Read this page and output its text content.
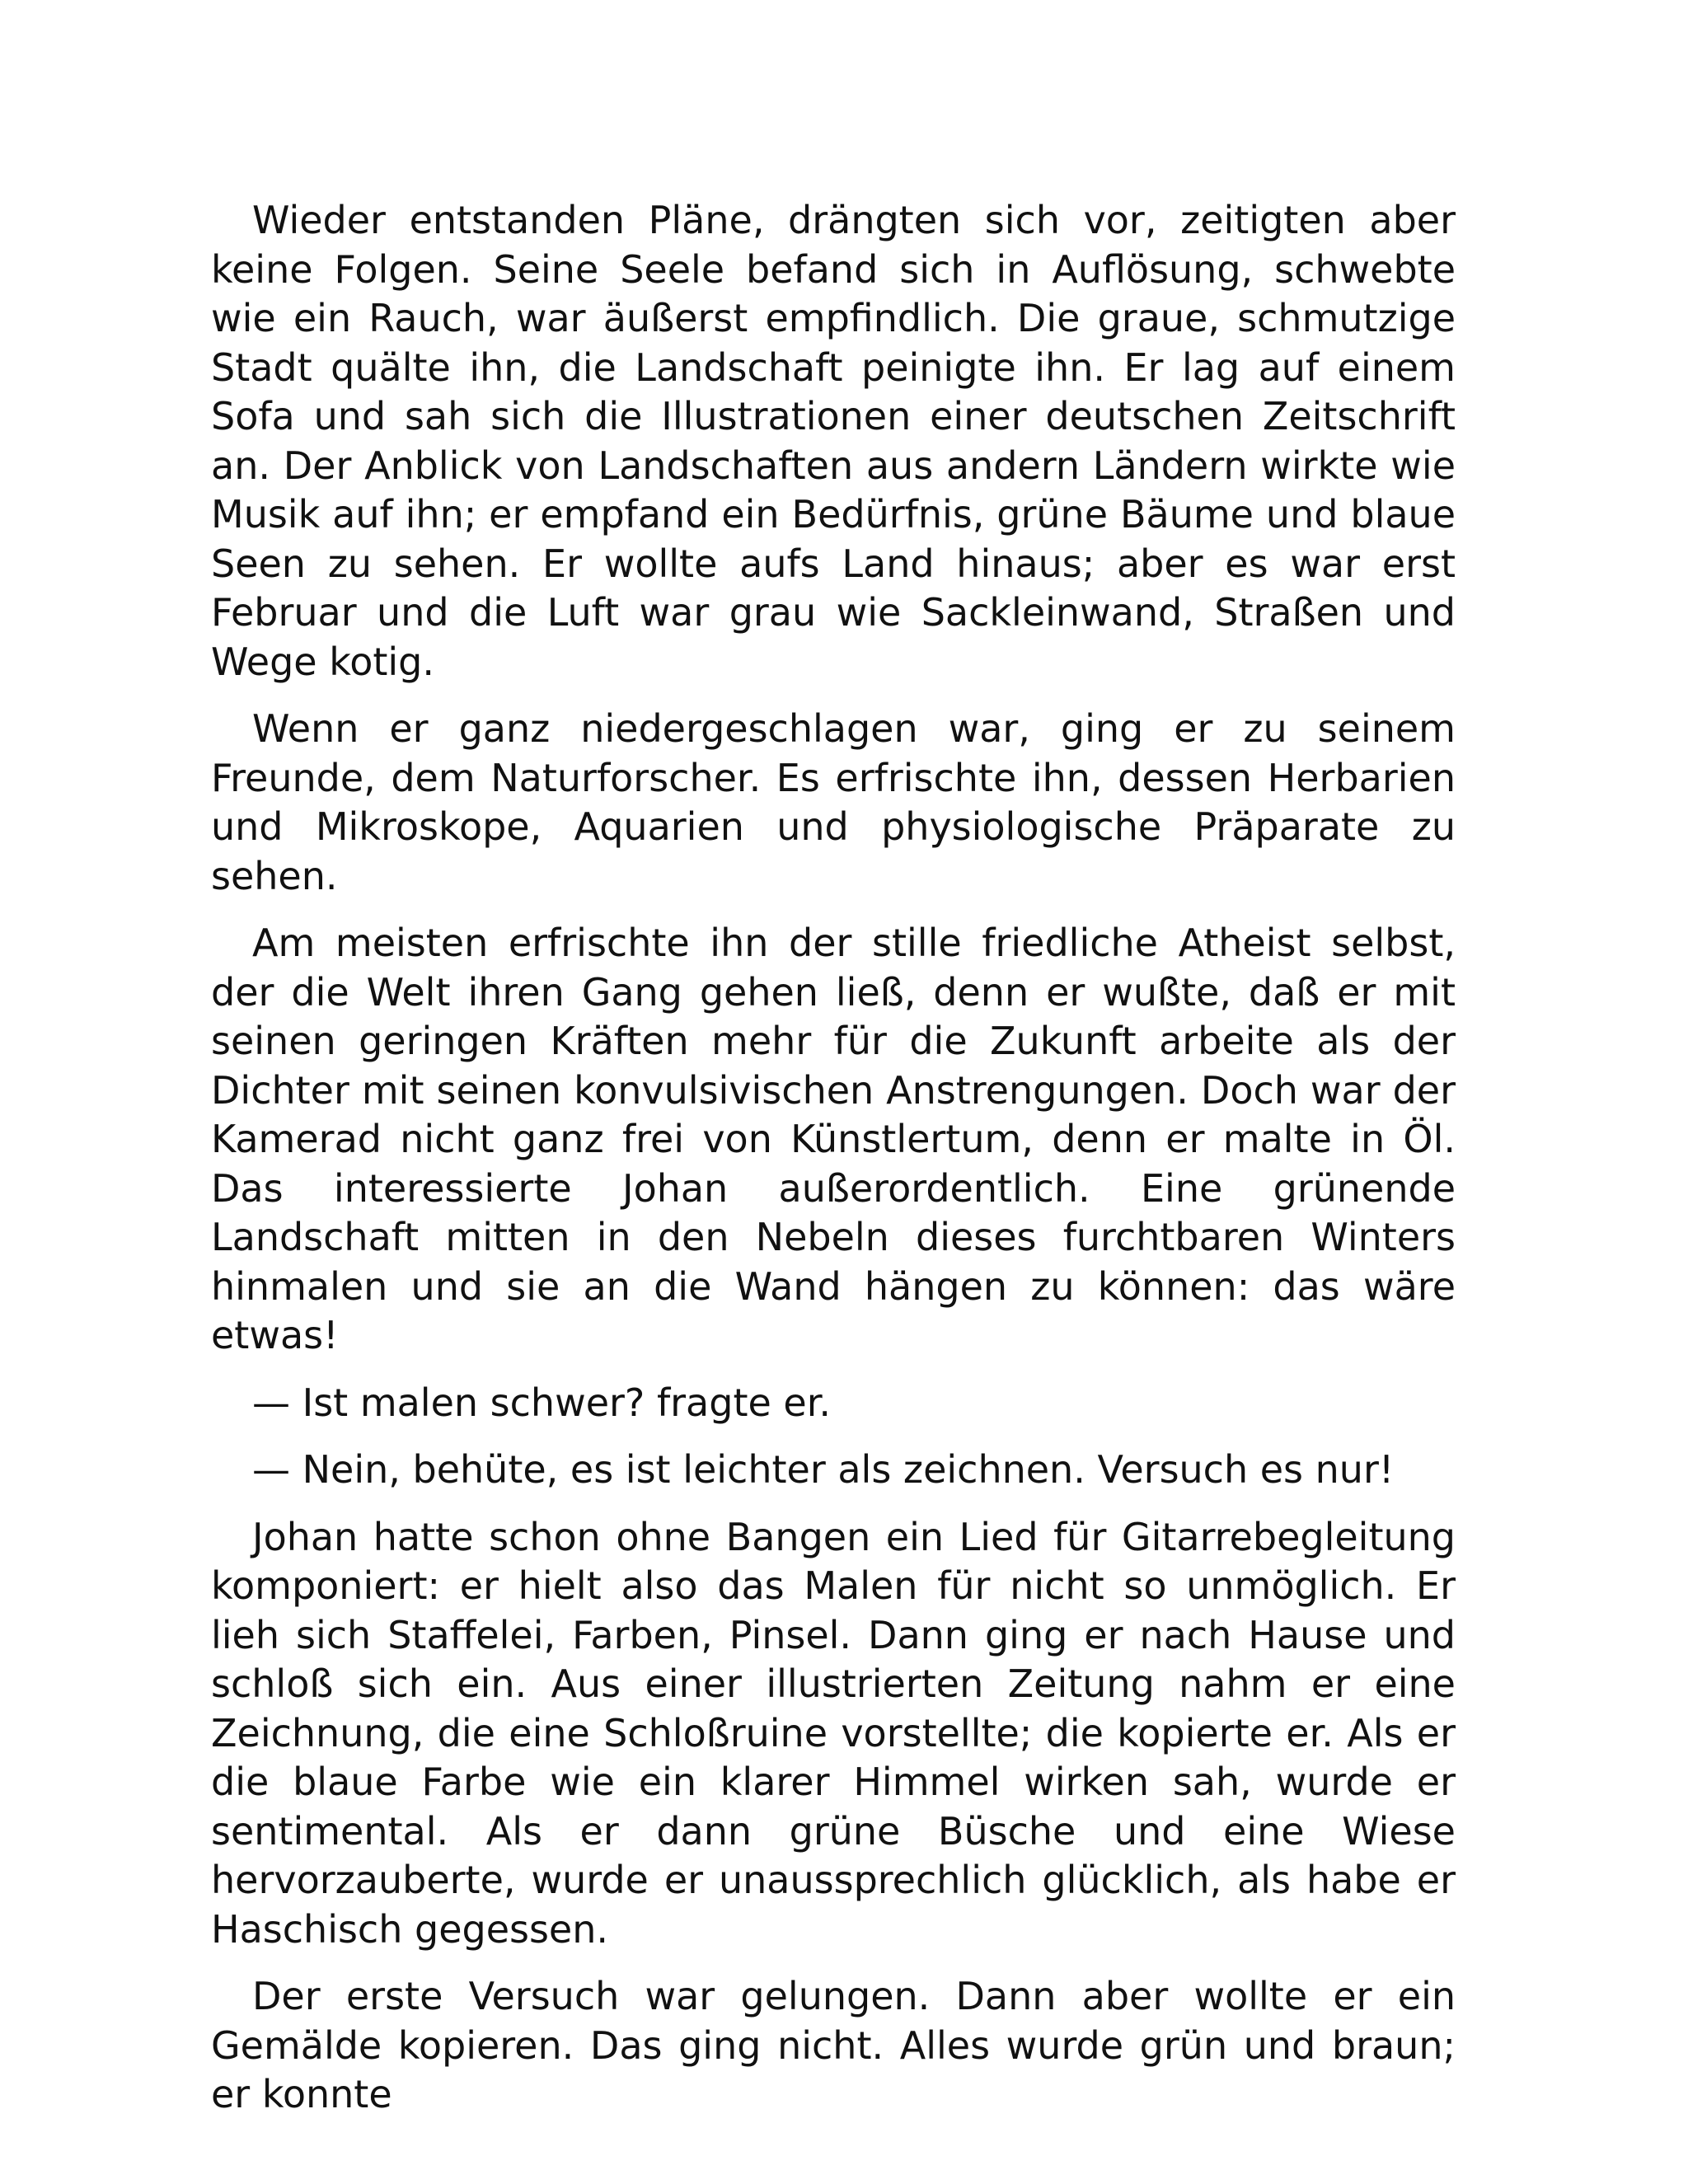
Wieder entstanden Pläne, drängten sich vor, zeitigten aber keine Folgen. Seine Seele befand sich in Auflösung, schwebte wie ein Rauch, war äußerst empfindlich. Die graue, schmutzige Stadt quälte ihn, die Landschaft peinigte ihn. Er lag auf einem Sofa und sah sich die Illustrationen einer deutschen Zeitschrift an. Der Anblick von Landschaften aus andern Ländern wirkte wie Musik auf ihn; er empfand ein Bedürfnis, grüne Bäume und blaue Seen zu sehen. Er wollte aufs Land hinaus; aber es war erst Februar und die Luft war grau wie Sackleinwand, Straßen und Wege kotig.

Wenn er ganz niedergeschlagen war, ging er zu seinem Freunde, dem Naturforscher. Es erfrischte ihn, dessen Herbarien und Mikroskope, Aquarien und physiologische Präparate zu sehen.

Am meisten erfrischte ihn der stille friedliche Atheist selbst, der die Welt ihren Gang gehen ließ, denn er wußte, daß er mit seinen geringen Kräften mehr für die Zukunft arbeite als der Dichter mit seinen konvulsivischen Anstrengungen. Doch war der Kamerad nicht ganz frei von Künstlertum, denn er malte in Öl. Das interessierte Johan außerordentlich. Eine grünende Landschaft mitten in den Nebeln dieses furchtbaren Winters hinmalen und sie an die Wand hängen zu können: das wäre etwas!

— Ist malen schwer? fragte er.

— Nein, behüte, es ist leichter als zeichnen. Versuch es nur!

Johan hatte schon ohne Bangen ein Lied für Gitarrebegleitung komponiert: er hielt also das Malen für nicht so unmöglich. Er lieh sich Staffelei, Farben, Pinsel. Dann ging er nach Hause und schloß sich ein. Aus einer illustrierten Zeitung nahm er eine Zeichnung, die eine Schloßruine vorstellte; die kopierte er. Als er die blaue Farbe wie ein klarer Himmel wirken sah, wurde er sentimental. Als er dann grüne Büsche und eine Wiese hervorzauberte, wurde er unaussprechlich glücklich, als habe er Haschisch gegessen.

Der erste Versuch war gelungen. Dann aber wollte er ein Gemälde kopieren. Das ging nicht. Alles wurde grün und braun; er konnte
